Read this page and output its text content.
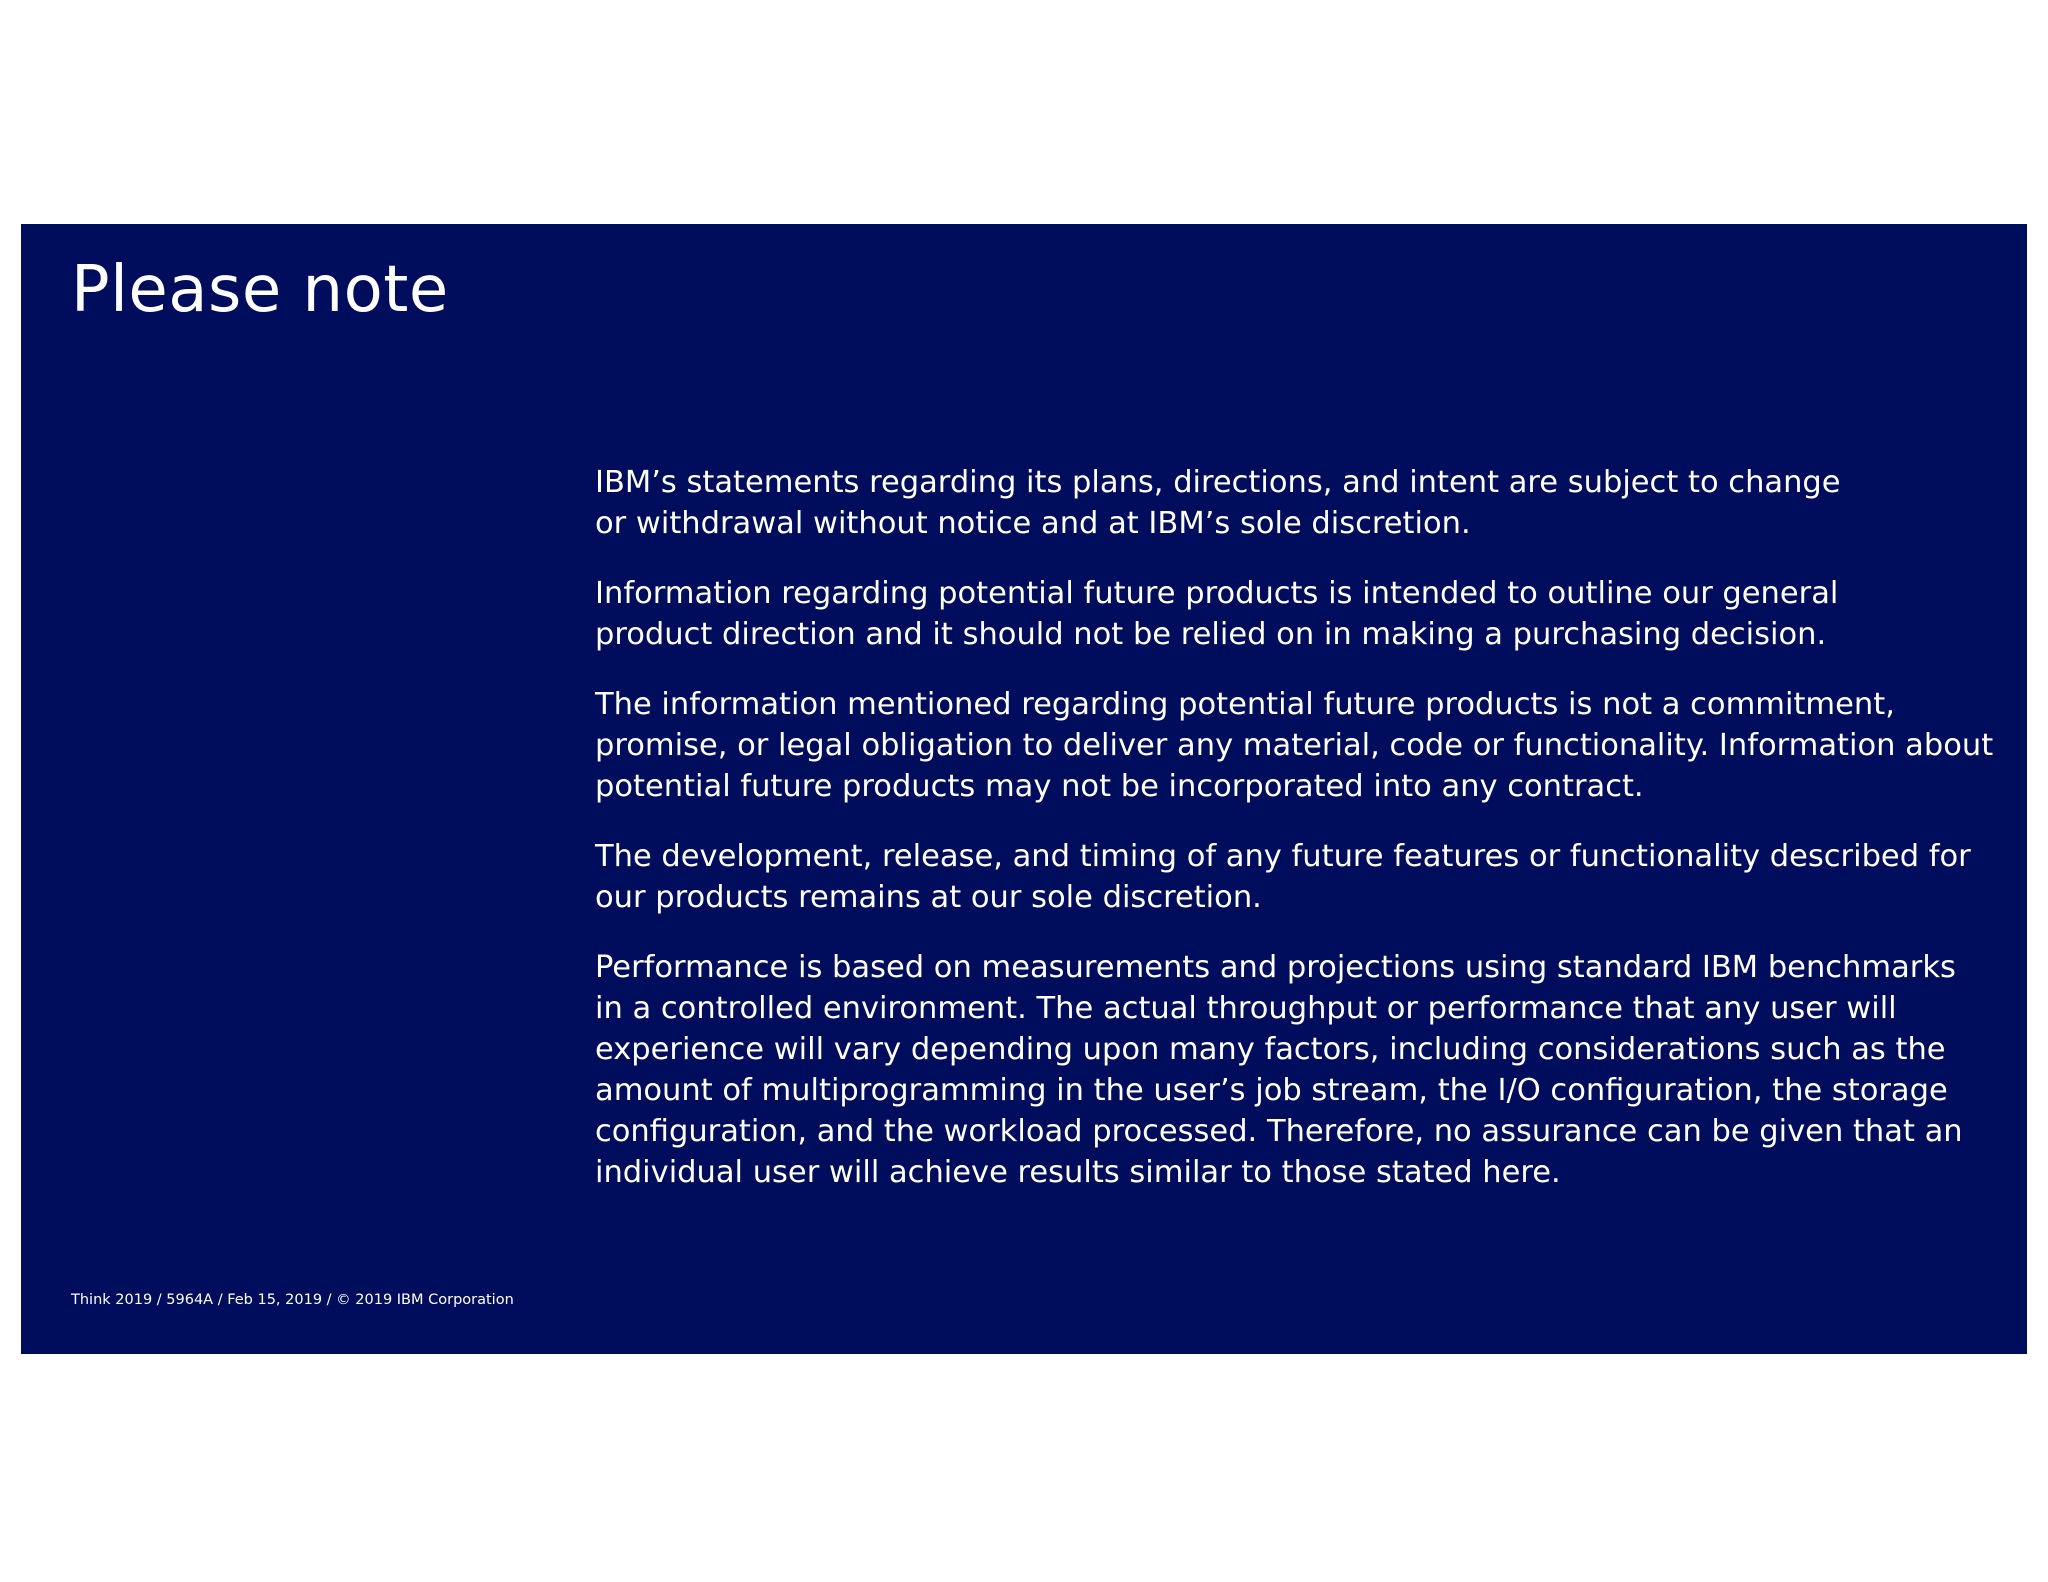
Please note

IBM’s statements regarding its plans, directions, and intent are subject to change
or withdrawal without notice and at IBM’s sole discretion.

Information regarding potential future products is intended to outline our general
product direction and it should not be relied on in making a purchasing decision.

The information mentioned regarding potential future products is not a commitment,
promise, or legal obligation to deliver any material, code or functionality. Information about
potential future products may not be incorporated into any contract.

The development, release, and timing of any future features or functionality described for
our products remains at our sole discretion.

Performance is based on measurements and projections using standard IBM benchmarks
in a controlled environment. The actual throughput or performance that any user will
experience will vary depending upon many factors, including considerations such as the
amount of multiprogramming in the user’s job stream, the I/O configuration, the storage
configuration, and the workload processed. Therefore, no assurance can be given that an
individual user will achieve results similar to those stated here.

Think 2019 / 5964A / Feb 15, 2019 / © 2019 IBM Corporation
